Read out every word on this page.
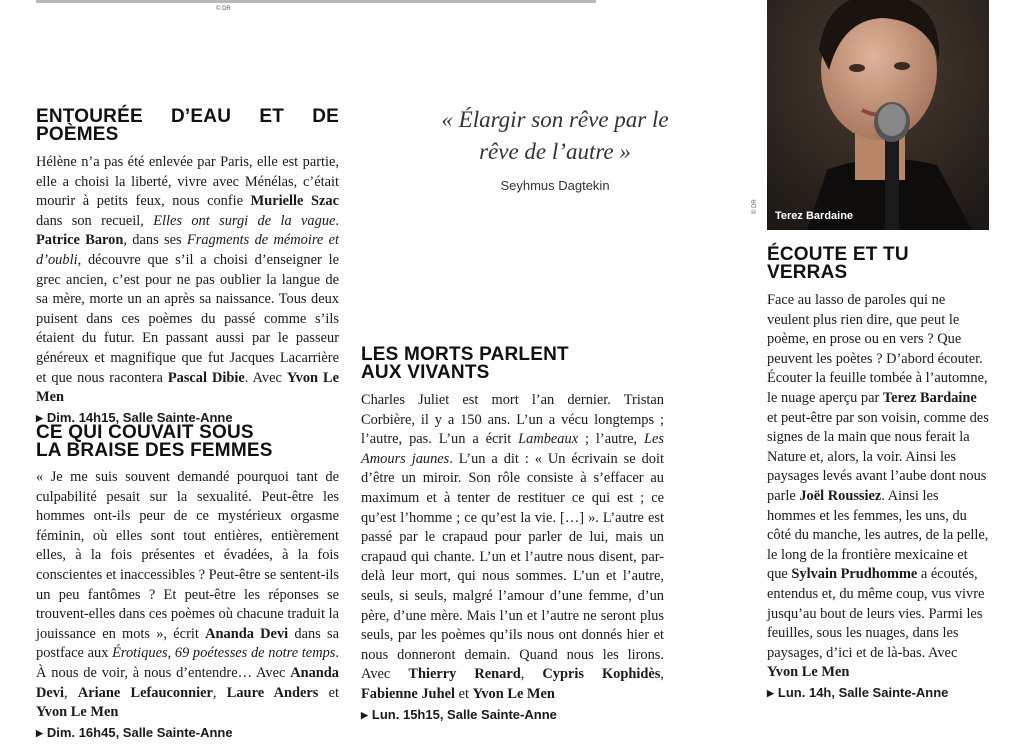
© DR
ENTOURÉE D’EAU ET DE POÈMES

Hélène n’a pas été enlevée par Paris, elle est partie, elle a choisi la liberté, vivre avec Ménélas, c’était mourir à petits feux, nous confie Murielle Szac dans son recueil, Elles ont surgi de la vague. Patrice Baron, dans ses Fragments de mémoire et d’oubli, découvre que s’il a choisi d’enseigner le grec ancien, c’est pour ne pas oublier la langue de sa mère, morte un an après sa naissance. Tous deux puisent dans ces poèmes du passé comme s’ils étaient du futur. En passant aussi par le passeur généreux et magnifique que fut Jacques Lacarrière et que nous racontera Pascal Dibie. Avec Yvon Le Men

▶ Dim. 14h15, Salle Sainte-Anne

CE QUI COUVAIT SOUS
LA BRAISE DES FEMMES

« Je me suis souvent demandé pourquoi tant de culpabilité pesait sur la sexualité. Peut-être les hommes ont-ils peur de ce mystérieux orgasme féminin, où elles sont tout entières, entièrement elles, à la fois présentes et évadées, à la fois conscientes et inaccessibles ? Peut-être se sentent-ils un peu fantômes ? Et peut-être les réponses se trouvent-elles dans ces poèmes où chacune traduit la jouissance en mots », écrit Ananda Devi dans sa postface aux Érotiques, 69 poétesses de notre temps. À nous de voir, à nous d’entendre… Avec Ananda Devi, Ariane Lefauconnier, Laure Anders et Yvon Le Men

▶ Dim. 16h45, Salle Sainte-Anne

« Élargir son rêve par le rêve de l’autre »

Seyhmus Dagtekin
LES MORTS PARLENT
AUX VIVANTS

Charles Juliet est mort l’an dernier. Tristan Corbière, il y a 150 ans. L’un a vécu longtemps ; l’autre, pas. L’un a écrit Lambeaux ; l’autre, Les Amours jaunes. L’un a dit : « Un écrivain se doit d’être un miroir. Son rôle consiste à s’effacer au maximum et à tenter de restituer ce qui est ; ce qu’est l’homme ; ce qu’est la vie. […] ». L’autre est passé par le crapaud pour parler de lui, mais un crapaud qui chante. L’un et l’autre nous disent, par-delà leur mort, qui nous sommes. L’un et l’autre, seuls, si seuls, malgré l’amour d’une femme, d’un père, d’une mère. Mais l’un et l’autre ne seront plus seuls, par les poèmes qu’ils nous ont donnés hier et nous donneront demain. Quand nous les lirons. Avec Thierry Renard, Cypris Kophidès, Fabienne Juhel et Yvon Le Men

▶ Lun. 15h15, Salle Sainte-Anne

Terez Bardaine
© DR
ÉCOUTE ET TU VERRAS

Face au lasso de paroles qui ne veulent plus rien dire, que peut le poème, en prose ou en vers ? Que peuvent les poètes ? D’abord écouter. Écouter la feuille tombée à l’automne, le nuage aperçu par Terez Bardaine et peut-être par son voisin, comme des signes de la main que nous ferait la Nature et, alors, la voir. Ainsi les paysages levés avant l’aube dont nous parle Joël Roussiez. Ainsi les hommes et les femmes, les uns, du côté du manche, les autres, de la pelle, le long de la frontière mexicaine et que Sylvain Prudhomme a écoutés, entendus et, du même coup, vus vivre jusqu’au bout de leurs vies. Parmi les feuilles, sous les nuages, dans les paysages, d’ici et de là-bas. Avec Yvon Le Men

▶ Lun. 14h, Salle Sainte-Anne
